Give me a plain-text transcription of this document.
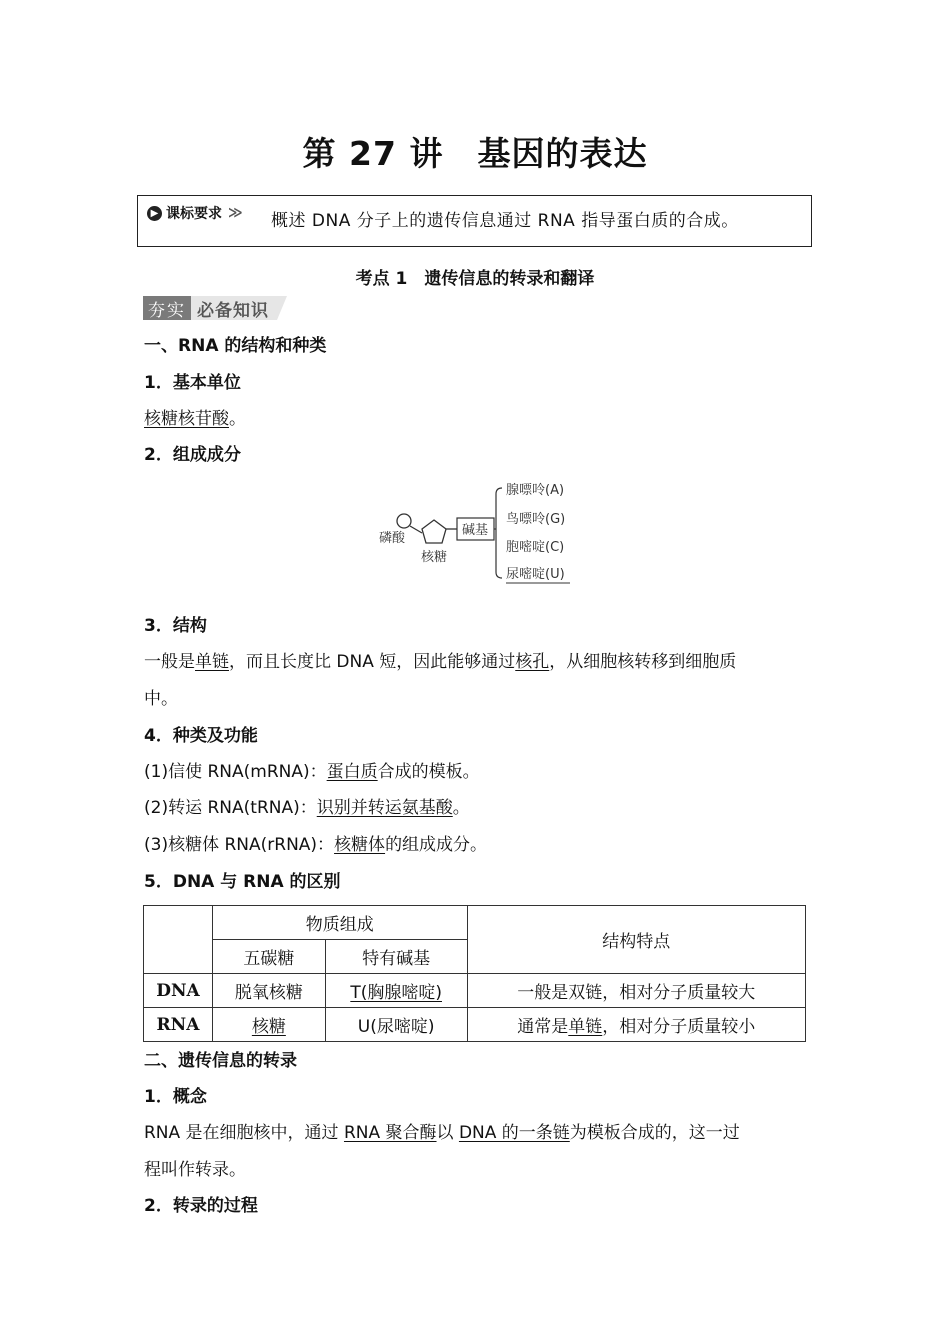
第 27 讲　基因的表达
▶ 课标要求 ≫ 概述 DNA 分子上的遗传信息通过 RNA 指导蛋白质的合成。
考点 1　遗传信息的转录和翻译
夯实 必备知识
一、RNA 的结构和种类
1．基本单位
核糖核苷酸。
2．组成成分
碱基
磷酸
核糖
腺嘌呤(A)
鸟嘌呤(G)
胞嘧啶(C)
尿嘧啶(U)
3．结构
一般是单链，而且长度比 DNA 短，因此能够通过核孔，从细胞核转移到细胞质
中。
4．种类及功能
(1)信使 RNA(mRNA)：蛋白质合成的模板。
(2)转运 RNA(tRNA)：识别并转运氨基酸。
(3)核糖体 RNA(rRNA)：核糖体的组成成分。
5．DNA 与 RNA 的区别
	物质组成		结构特点
	五碳糖	特有碱基	
DNA	脱氧核糖	T(胸腺嘧啶)	一般是双链，相对分子质量较大
RNA	核糖	U(尿嘧啶)	通常是单链，相对分子质量较小
二、遗传信息的转录
1．概念
RNA 是在细胞核中，通过 RNA 聚合酶以 DNA 的一条链为模板合成的，这一过
程叫作转录。
2．转录的过程
